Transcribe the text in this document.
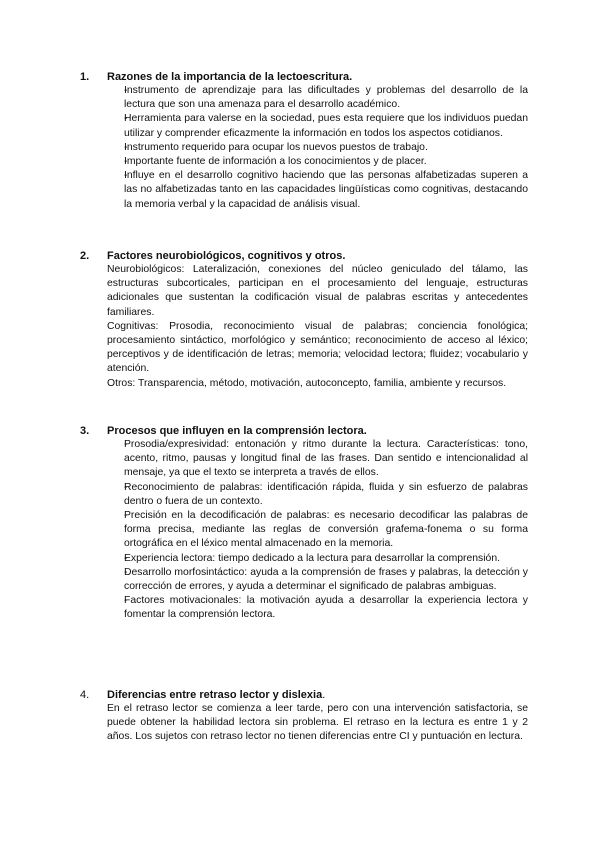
1. Razones de la importancia de la lectoescritura.
- Instrumento de aprendizaje para las dificultades y problemas del desarrollo de la lectura que son una amenaza para el desarrollo académico.
- Herramienta para valerse en la sociedad, pues esta requiere que los individuos puedan utilizar y comprender eficazmente la información en todos los aspectos cotidianos.
- Instrumento requerido para ocupar los nuevos puestos de trabajo.
- Importante fuente de información a los conocimientos y de placer.
- Influye en el desarrollo cognitivo haciendo que las personas alfabetizadas superen a las no alfabetizadas tanto en las capacidades lingüísticas como cognitivas, destacando la memoria verbal y la capacidad de análisis visual.
2. Factores neurobiológicos, cognitivos y otros.
Neurobiológicos: Lateralización, conexiones del núcleo geniculado del tálamo, las estructuras subcorticales, participan en el procesamiento del lenguaje, estructuras adicionales que sustentan la codificación visual de palabras escritas y antecedentes familiares.
Cognitivas: Prosodia, reconocimiento visual de palabras; conciencia fonológica; procesamiento sintáctico, morfológico y semántico; reconocimiento de acceso al léxico; perceptivos y de identificación de letras; memoria; velocidad lectora; fluidez; vocabulario y atención.
Otros: Transparencia, método, motivación, autoconcepto, familia, ambiente y recursos.
3. Procesos que influyen en la comprensión lectora.
- Prosodia/expresividad: entonación y ritmo durante la lectura. Características: tono, acento, ritmo, pausas y longitud final de las frases. Dan sentido e intencionalidad al mensaje, ya que el texto se interpreta a través de ellos.
- Reconocimiento de palabras: identificación rápida, fluida y sin esfuerzo de palabras dentro o fuera de un contexto.
- Precisión en la decodificación de palabras: es necesario decodificar las palabras de forma precisa, mediante las reglas de conversión grafema-fonema o su forma ortográfica en el léxico mental almacenado en la memoria.
- Experiencia lectora: tiempo dedicado a la lectura para desarrollar la comprensión.
- Desarrollo morfosintáctico: ayuda a la comprensión de frases y palabras, la detección y corrección de errores, y ayuda a determinar el significado de palabras ambiguas.
- Factores motivacionales: la motivación ayuda a desarrollar la experiencia lectora y fomentar la comprensión lectora.
4. Diferencias entre retraso lector y dislexia.
En el retraso lector se comienza a leer tarde, pero con una intervención satisfactoria, se puede obtener la habilidad lectora sin problema. El retraso en la lectura es entre 1 y 2 años. Los sujetos con retraso lector no tienen diferencias entre CI y puntuación en lectura.
